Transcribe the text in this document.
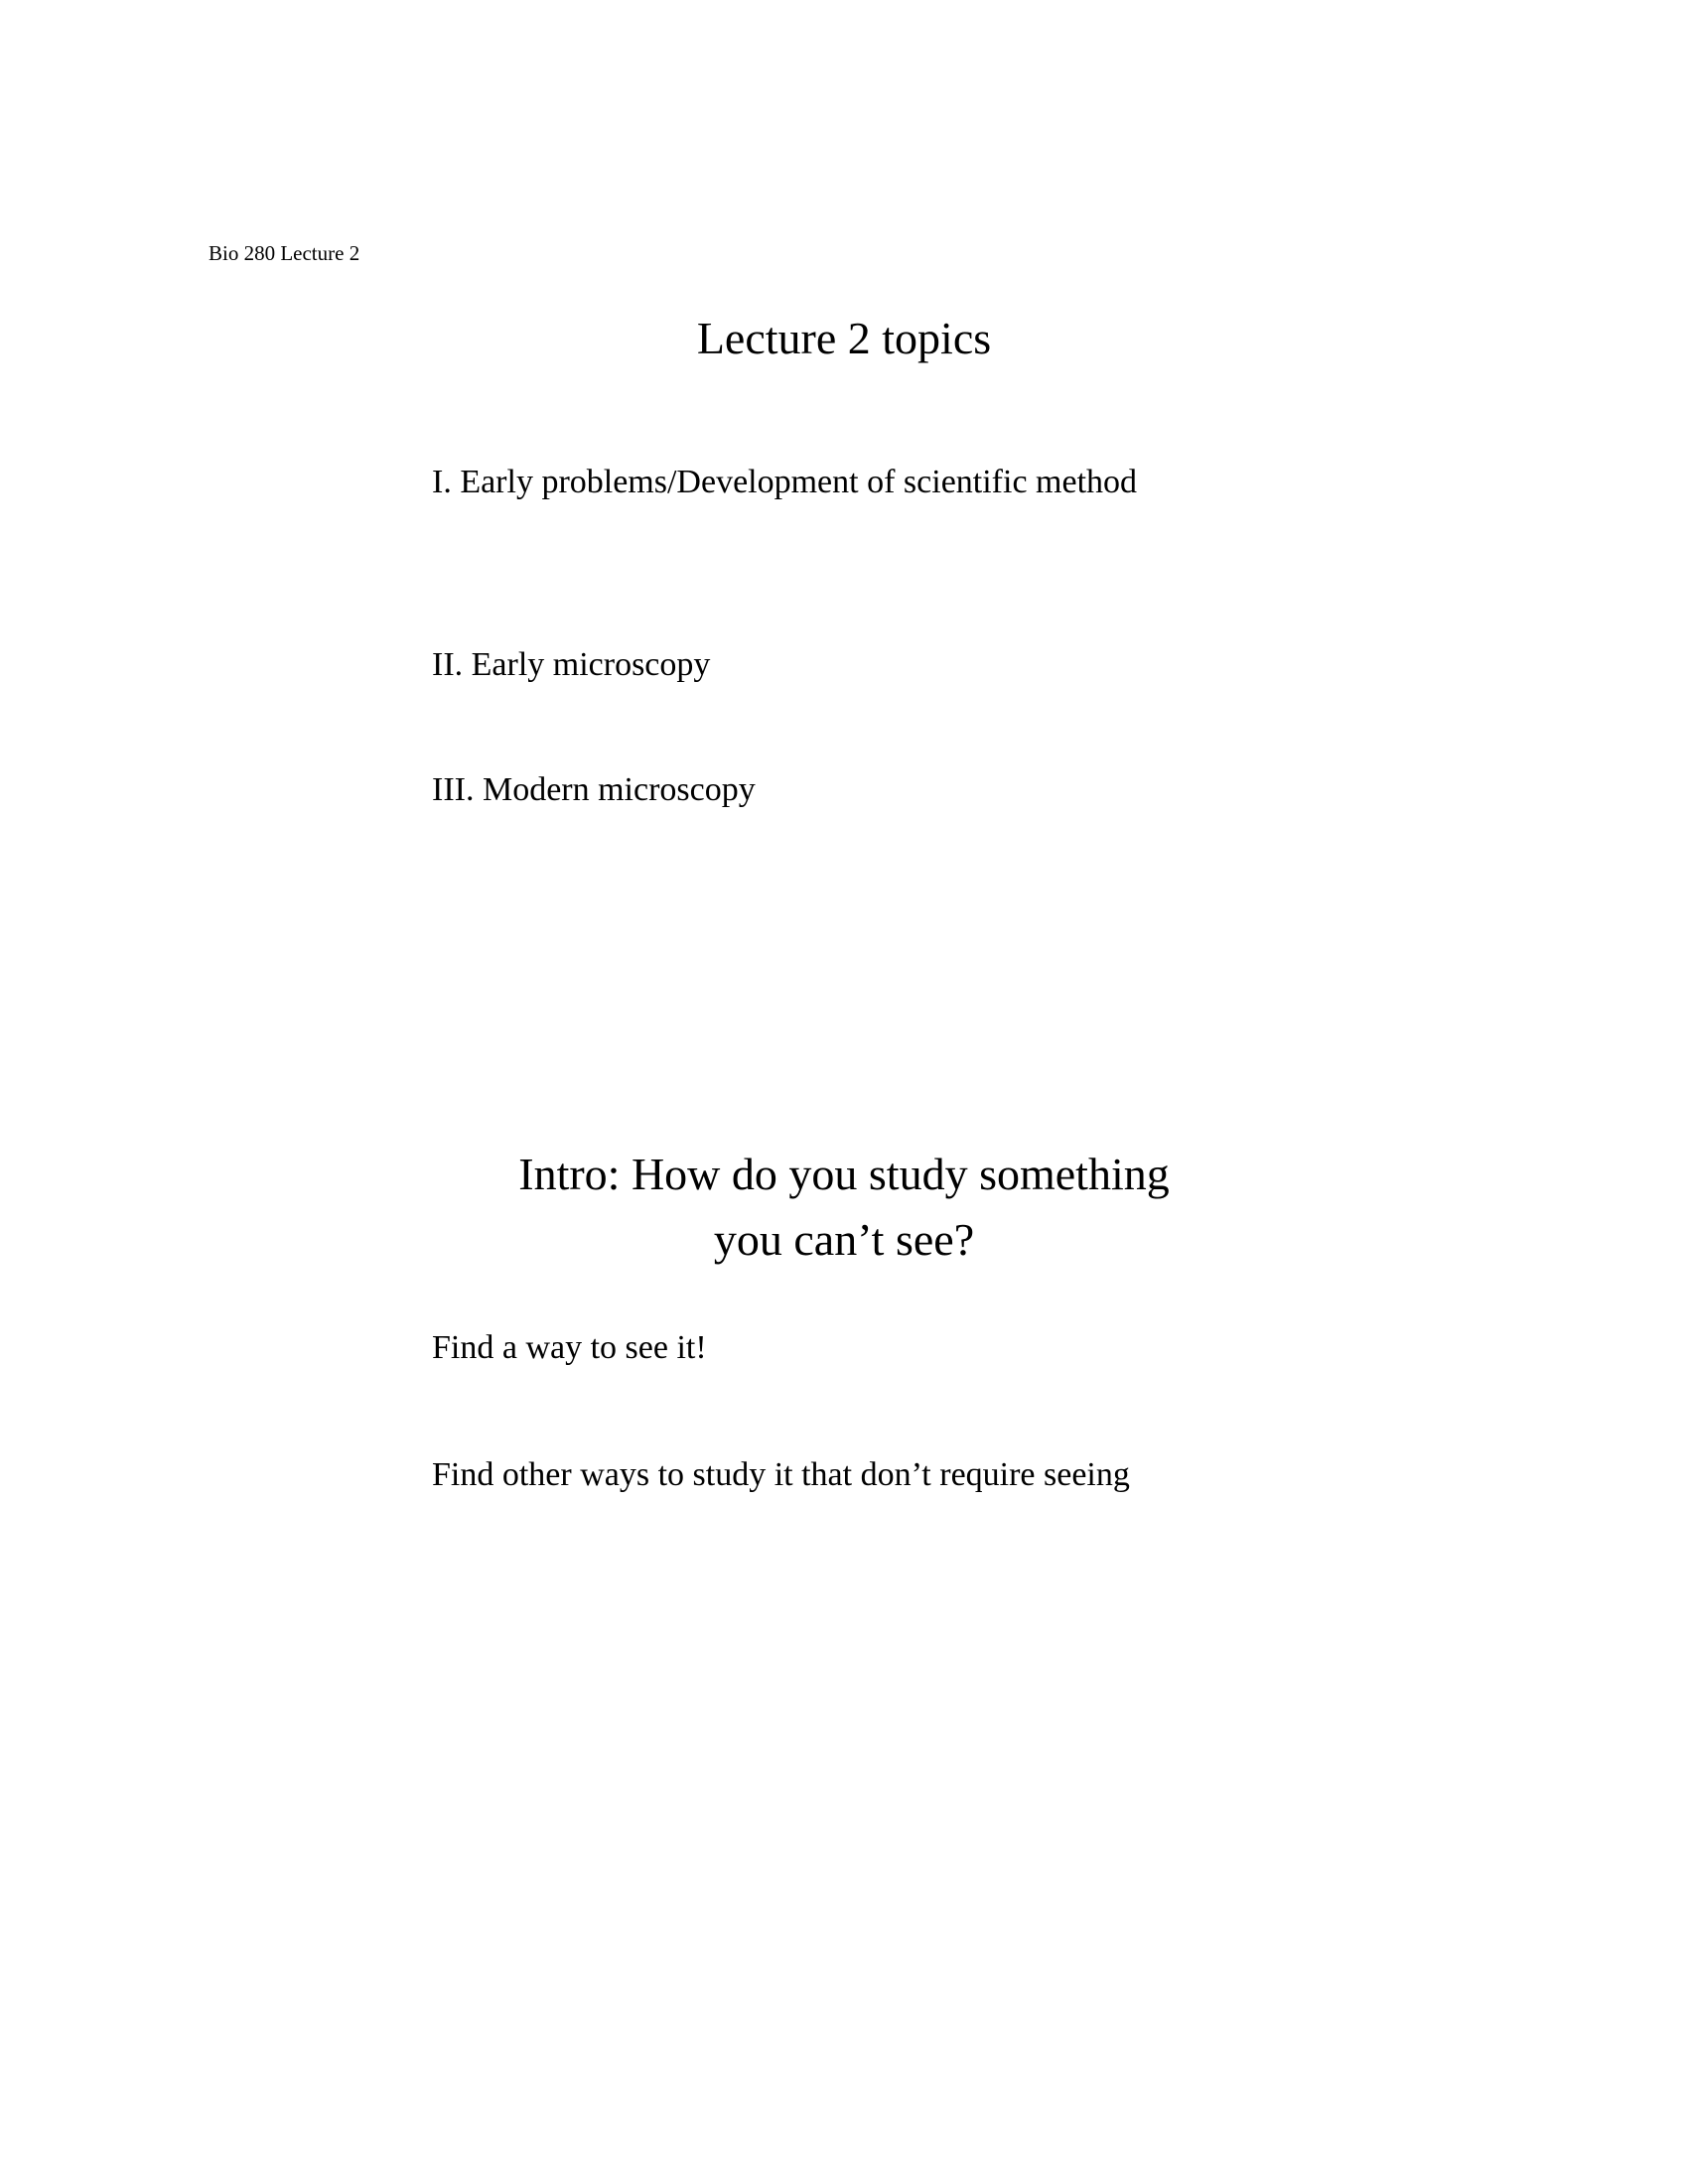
Bio 280 Lecture 2
Lecture 2 topics
I. Early problems/Development of scientific method
II. Early microscopy
III. Modern microscopy
Intro: How do you study something
you can’t see?
Find a way to see it!
Find other ways to study it that don’t require seeing
